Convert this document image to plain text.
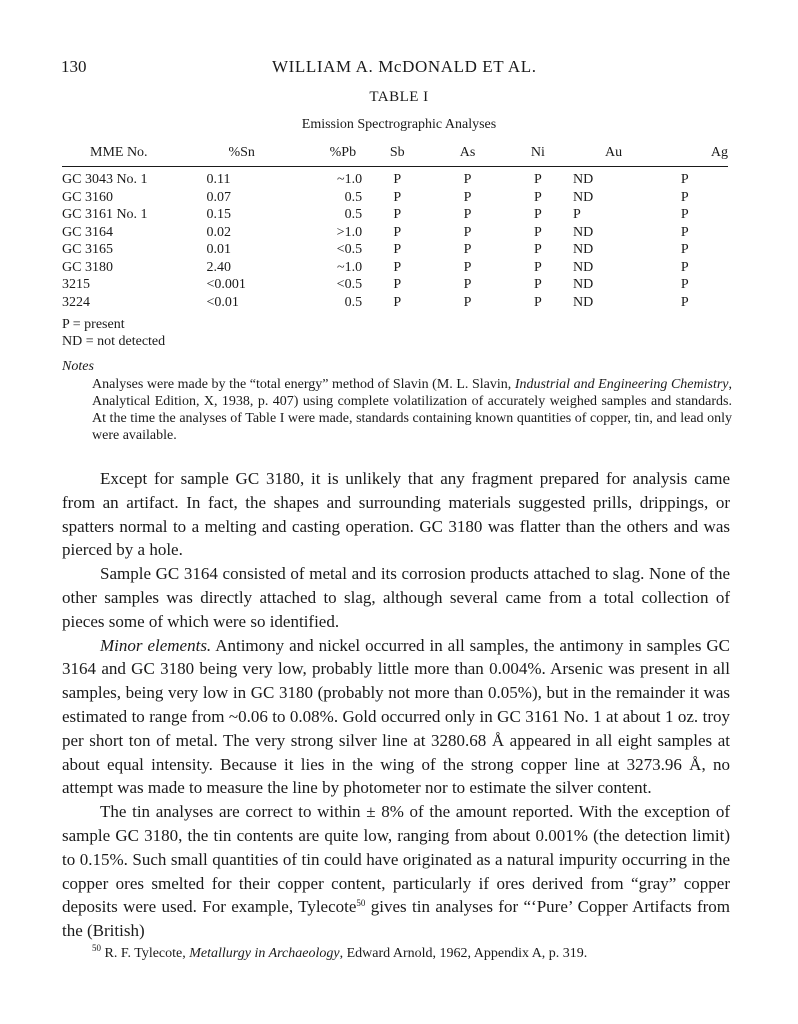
130	WILLIAM A. McDONALD ET AL.
TABLE I
Emission Spectrographic Analyses
MME No.	%Sn	%Pb	Sb	As	Ni	Au	Ag
GC 3043 No. 1	0.11	~1.0	P	P	P	ND	P
GC 3160	0.07	0.5	P	P	P	ND	P
GC 3161 No. 1	0.15	0.5	P	P	P	P	P
GC 3164	0.02	>1.0	P	P	P	ND	P
GC 3165	0.01	<0.5	P	P	P	ND	P
GC 3180	2.40	~1.0	P	P	P	ND	P
3215	<0.001	<0.5	P	P	P	ND	P
3224	<0.01	0.5	P	P	P	ND	P
P = present
ND = not detected
Notes
Analyses were made by the “total energy” method of Slavin (M. L. Slavin, Industrial and Engineering Chemistry, Analytical Edition, X, 1938, p. 407) using complete volatilization of accurately weighed samples and standards. At the time the analyses of Table I were made, standards containing known quantities of copper, tin, and lead only were available.

Except for sample GC 3180, it is unlikely that any fragment prepared for analysis came from an artifact. In fact, the shapes and surrounding materials suggested prills, drippings, or spatters normal to a melting and casting operation. GC 3180 was flatter than the others and was pierced by a hole.

Sample GC 3164 consisted of metal and its corrosion products attached to slag. None of the other samples was directly attached to slag, although several came from a total collection of pieces some of which were so identified.

Minor elements. Antimony and nickel occurred in all samples, the antimony in samples GC 3164 and GC 3180 being very low, probably little more than 0.004%. Arsenic was present in all samples, being very low in GC 3180 (probably not more than 0.05%), but in the remainder it was estimated to range from ~0.06 to 0.08%. Gold occurred only in GC 3161 No. 1 at about 1 oz. troy per short ton of metal. The very strong silver line at 3280.68 Å appeared in all eight samples at about equal intensity. Because it lies in the wing of the strong copper line at 3273.96 Å, no attempt was made to measure the line by photometer nor to estimate the silver content.

The tin analyses are correct to within ± 8% of the amount reported. With the exception of sample GC 3180, the tin contents are quite low, ranging from about 0.001% (the detection limit) to 0.15%. Such small quantities of tin could have originated as a natural impurity occurring in the copper ores smelted for their copper content, particularly if ores derived from “gray” copper deposits were used. For example, Tylecote$^{50}$ gives tin analyses for “‘Pure’ Copper Artifacts from the (British)

$^{50}$ R. F. Tylecote, Metallurgy in Archaeology, Edward Arnold, 1962, Appendix A, p. 319.
